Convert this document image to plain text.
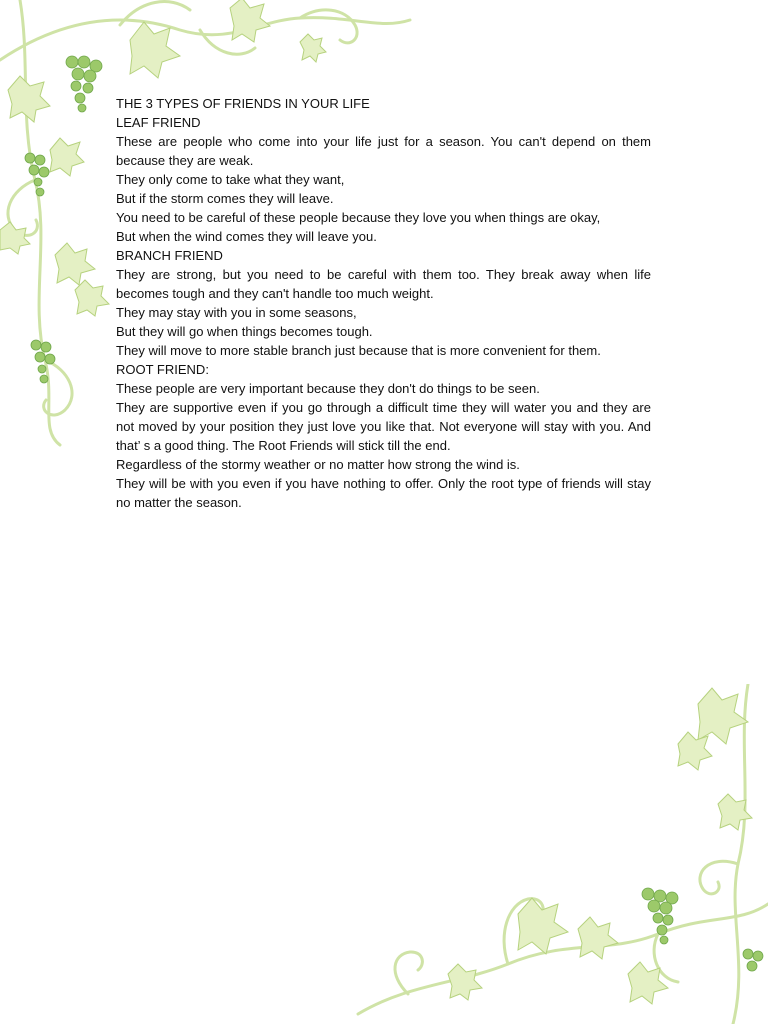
THE 3 TYPES OF FRIENDS IN YOUR LIFE

LEAF FRIEND

These are people who come into your life just for a season. You can't depend on them because they are weak.

They only come to take what they want,

But if the storm comes they will leave.

You need to be careful of these people because they love you when things are okay,

But when the wind comes they will leave you.

BRANCH FRIEND

They are strong, but you need to be careful with them too. They break away when life becomes tough and they can't handle too much weight.

They may stay with you in some seasons,

But they will go when things becomes tough.

They will move to more stable branch just because that is more convenient for them.

ROOT FRIEND:

These people are very important because they don't do things to be seen.

They are supportive even if you go through a difficult time they will water you and they are not moved by your position they just love you like that. Not everyone will stay with you. And that’ s a good thing. The Root Friends will stick till the end.

Regardless of the stormy weather or no matter how strong the wind is.

They will be with you even if you have nothing to offer. Only the root type of friends will stay no matter the season.
